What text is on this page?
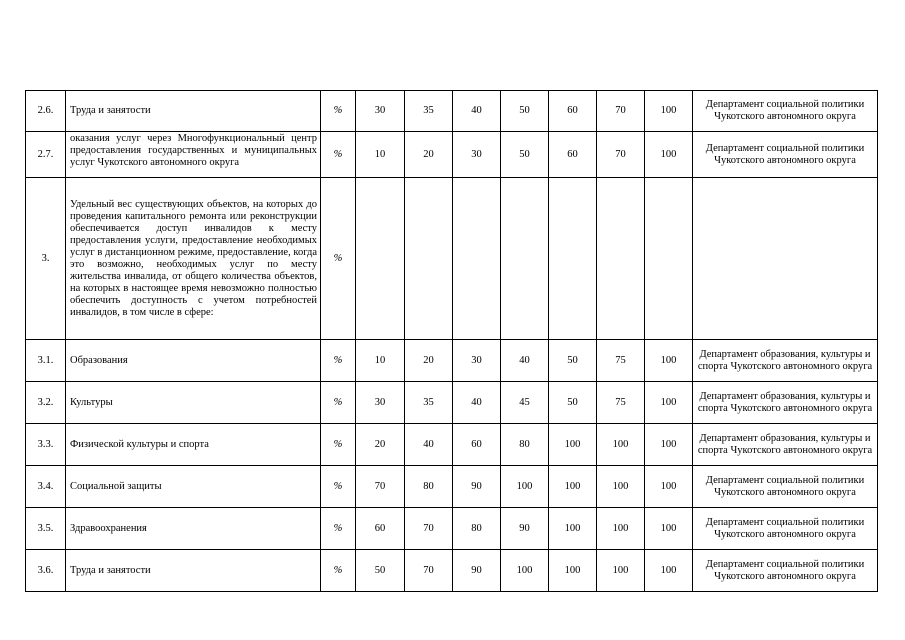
2.6.	Труда и занятости	%	30	35	40	50	60	70	100	Департамент социальной политики Чукотского автономного округа
2.7.	оказания услуг через Многофункциональный центр предоставления государственных и муниципальных услуг Чукотского автономного округа	%	10	20	30	50	60	70	100	Департамент социальной политики Чукотского автономного округа
3.	Удельный вес существующих объектов, на которых до проведения капитального ремонта или реконструкции обеспечивается доступ инвалидов к месту предоставления услуги, предоставление необходимых услуг в дистанционном режиме, предоставление, когда это возможно, необходимых услуг по месту жительства инвалида, от общего количества объектов, на которых в настоящее время невозможно полностью обеспечить доступность с учетом потребностей инвалидов, в том числе в сфере:	%								
3.1.	Образования	%	10	20	30	40	50	75	100	Департамент образования, культуры и спорта Чукотского автономного округа
3.2.	Культуры	%	30	35	40	45	50	75	100	Департамент образования, культуры и спорта Чукотского автономного округа
3.3.	Физической культуры и спорта	%	20	40	60	80	100	100	100	Департамент образования, культуры и спорта Чукотского автономного округа
3.4.	Социальной защиты	%	70	80	90	100	100	100	100	Департамент социальной политики Чукотского автономного округа
3.5.	Здравоохранения	%	60	70	80	90	100	100	100	Департамент социальной политики Чукотского автономного округа
3.6.	Труда и занятости	%	50	70	90	100	100	100	100	Департамент социальной политики Чукотского автономного округа
